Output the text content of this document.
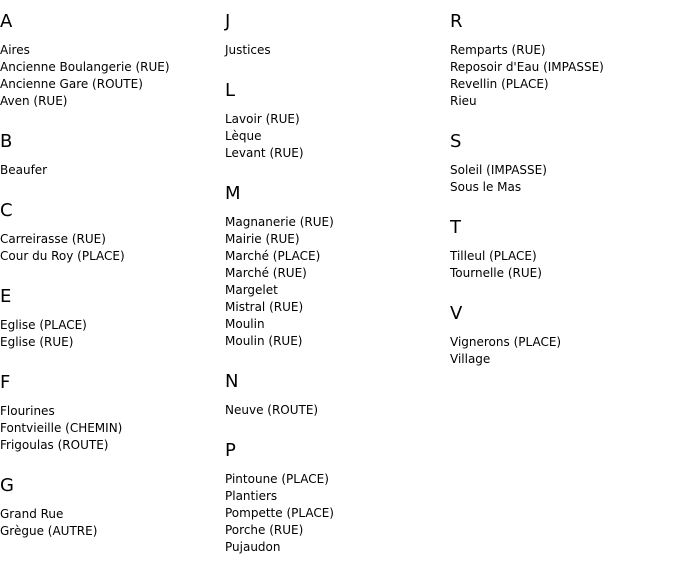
A
Aires
Ancienne Boulangerie (RUE)
Ancienne Gare (ROUTE)
Aven (RUE)
B
Beaufer
C
Carreirasse (RUE)
Cour du Roy (PLACE)
E
Eglise (PLACE)
Eglise (RUE)
F
Flourines
Fontvieille (CHEMIN)
Frigoulas (ROUTE)
G
Grand Rue
Grègue (AUTRE)
J
Justices
L
Lavoir (RUE)
Lèque
Levant (RUE)
M
Magnanerie (RUE)
Mairie (RUE)
Marché (PLACE)
Marché (RUE)
Margelet
Mistral (RUE)
Moulin
Moulin (RUE)
N
Neuve (ROUTE)
P
Pintoune (PLACE)
Plantiers
Pompette (PLACE)
Porche (RUE)
Pujaudon
R
Remparts (RUE)
Reposoir d'Eau (IMPASSE)
Revellin (PLACE)
Rieu
S
Soleil (IMPASSE)
Sous le Mas
T
Tilleul (PLACE)
Tournelle (RUE)
V
Vignerons (PLACE)
Village
